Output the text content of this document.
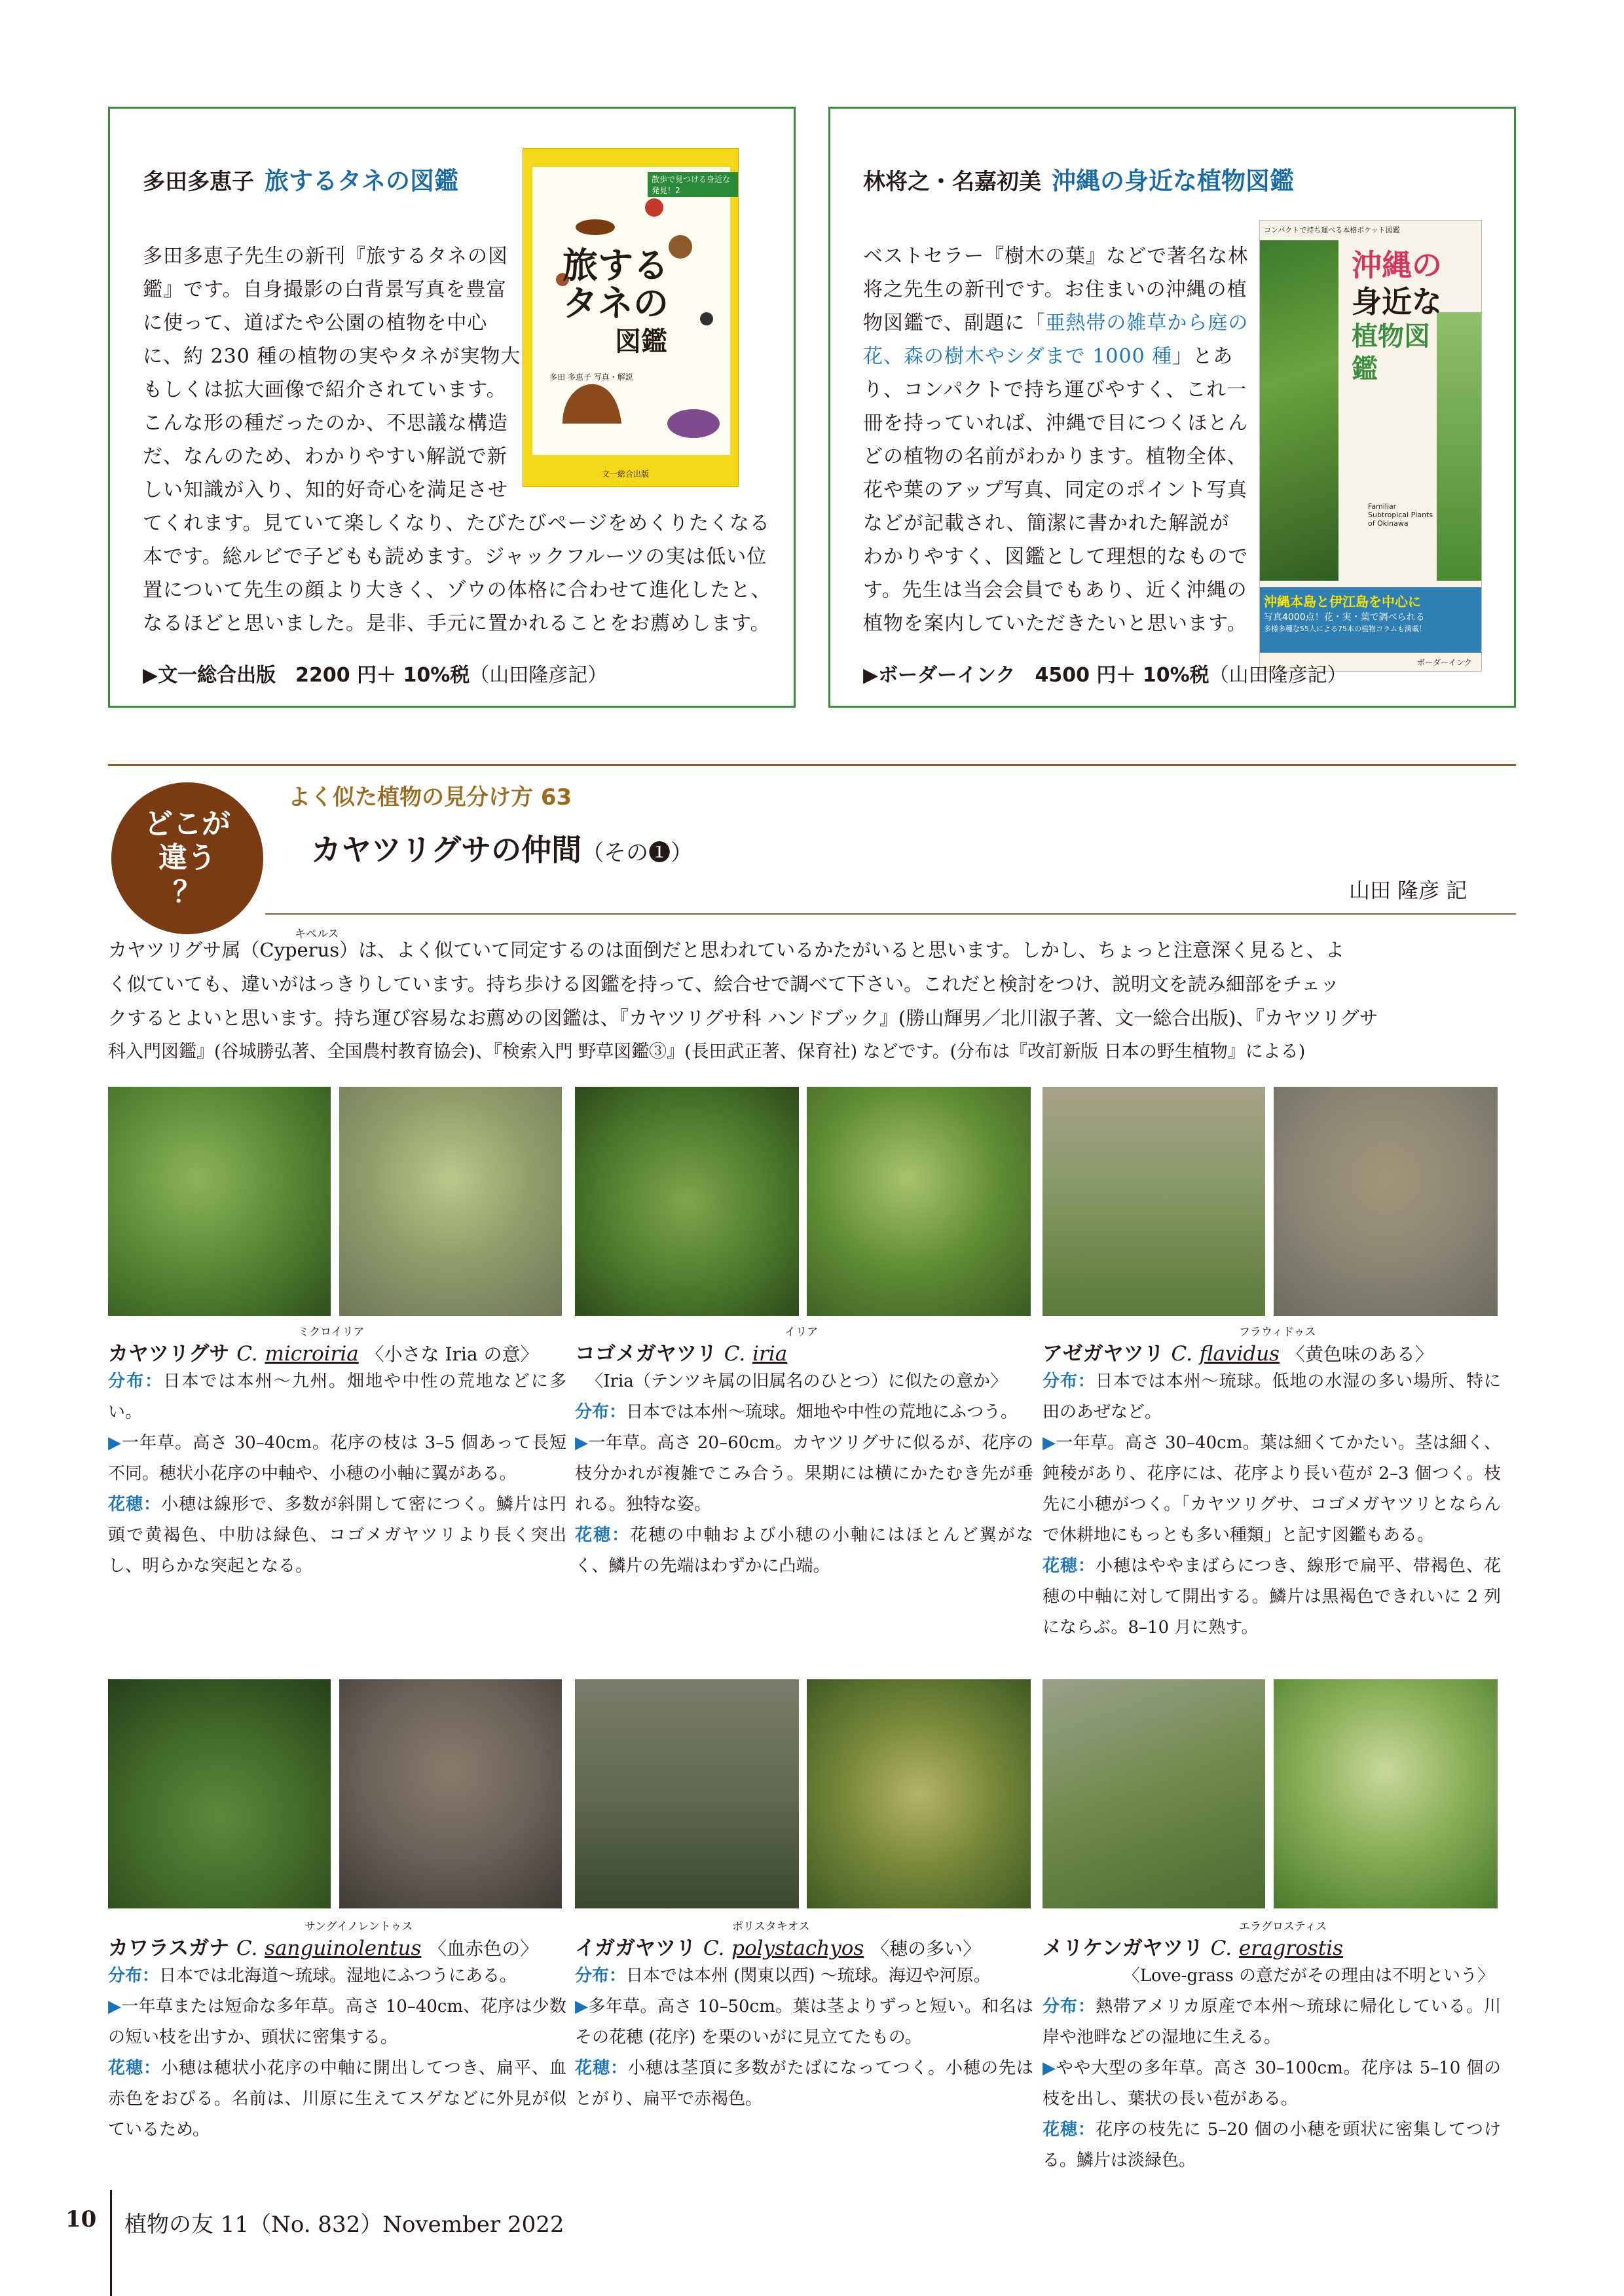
多田多恵子 旅するタネの図鑑	散歩で見つける身近な発見！2
旅する
タネの
図鑑
多田 多恵子 写真・解説
文一総合出版
多田多恵子先生の新刊『旅するタネの図鑑』です。自身撮影の白背景写真を豊富に使って、道ばたや公園の植物を中心に、約 230 種の植物の実やタネが実物大もしくは拡大画像で紹介されています。こんな形の種だったのか、不思議な構造だ、なんのため、わかりやすい解説で新しい知識が入り、知的好奇心を満足させてくれます。見ていて楽しくなり、たびたびページをめくりたくなる本です。総ルビで子どもも読めます。ジャックフルーツの実は低い位置について先生の顔より大きく、ゾウの体格に合わせて進化したと、なるほどと思いました。是非、手元に置かれることをお薦めします。
▶文一総合出版　2200 円＋ 10%税（山田隆彦記）
林将之・名嘉初美 沖縄の身近な植物図鑑
コンパクトで持ち運べる本格ポケット図鑑
沖縄の
身近な
植物図鑑
Familiar Subtropical Plants of Okinawa
沖縄本島と伊江島を中心に
写真4000点！花・実・葉で調べられる
多様多種な55人による75本の植物コラムも満載！
ボーダーインク
ベストセラー『樹木の葉』などで著名な林将之先生の新刊です。お住まいの沖縄の植物図鑑で、副題に「亜熱帯の雑草から庭の花、森の樹木やシダまで 1000 種」とあり、コンパクトで持ち運びやすく、これ一冊を持っていれば、沖縄で目につくほとんどの植物の名前がわかります。植物全体、花や葉のアップ写真、同定のポイント写真などが記載され、簡潔に書かれた解説がわかりやすく、図鑑として理想的なものです。先生は当会会員でもあり、近く沖縄の植物を案内していただきたいと思います。
▶ボーダーインク　4500 円＋ 10%税（山田隆彦記）
どこが
違う
？
よく似た植物の見分け方 63
カヤツリグサの仲間（その❶）
山田 隆彦 記
キペルス
カヤツリグサ属（Cyperus）は、よく似ていて同定するのは面倒だと思われているかたがいると思います。しかし、ちょっと注意深く見ると、よ
く似ていても、違いがはっきりしています。持ち歩ける図鑑を持って、絵合せで調べて下さい。これだと検討をつけ、説明文を読み細部をチェッ
クするとよいと思います。持ち運び容易なお薦めの図鑑は、『カヤツリグサ科 ハンドブック』(勝山輝男／北川淑子著、文一総合出版)、『カヤツリグサ
科入門図鑑』(谷城勝弘著、全国農村教育協会)、『検索入門 野草図鑑③』(長田武正著、保育社) などです。(分布は『改訂新版 日本の野生植物』による)
ミクロイリア
カヤツリグサ C. microiria 〈小さな Iria の意〉
分布：日本では本州〜九州。畑地や中性の荒地などに多い。
▶一年草。高さ 30–40cm。花序の枝は 3–5 個あって長短不同。穂状小花序の中軸や、小穂の小軸に翼がある。
花穂：小穂は線形で、多数が斜開して密につく。鱗片は円頭で黄褐色、中肋は緑色、コゴメガヤツリより長く突出し、明らかな突起となる。
イリア
コゴメガヤツリ C. iria
〈Iria（テンツキ属の旧属名のひとつ）に似たの意か〉
分布：日本では本州〜琉球。畑地や中性の荒地にふつう。
▶一年草。高さ 20–60cm。カヤツリグサに似るが、花序の枝分かれが複雑でこみ合う。果期には横にかたむき先が垂れる。独特な姿。
花穂：花穂の中軸および小穂の小軸にはほとんど翼がなく、鱗片の先端はわずかに凸端。
フラウィドゥス
アゼガヤツリ C. flavidus 〈黄色味のある〉
分布：日本では本州〜琉球。低地の水湿の多い場所、特に田のあぜなど。
▶一年草。高さ 30–40cm。葉は細くてかたい。茎は細く、鈍稜があり、花序には、花序より長い苞が 2–3 個つく。枝先に小穂がつく。「カヤツリグサ、コゴメガヤツリとならんで休耕地にもっとも多い種類」と記す図鑑もある。
花穂：小穂はややまばらにつき、線形で扁平、帯褐色、花穂の中軸に対して開出する。鱗片は黒褐色できれいに 2 列にならぶ。8–10 月に熟す。
サングイノレントゥス
カワラスガナ C. sanguinolentus 〈血赤色の〉
分布：日本では北海道〜琉球。湿地にふつうにある。
▶一年草または短命な多年草。高さ 10–40cm、花序は少数の短い枝を出すか、頭状に密集する。
花穂：小穂は穂状小花序の中軸に開出してつき、扁平、血赤色をおびる。名前は、川原に生えてスゲなどに外見が似ているため。
ポリスタキオス
イガガヤツリ C. polystachyos 〈穂の多い〉
分布：日本では本州 (関東以西) 〜琉球。海辺や河原。
▶多年草。高さ 10–50cm。葉は茎よりずっと短い。和名はその花穂 (花序) を栗のいがに見立てたもの。
花穂：小穂は茎頂に多数がたばになってつく。小穂の先はとがり、扁平で赤褐色。
エラグロスティス
メリケンガヤツリ C. eragrostis
〈Love-grass の意だがその理由は不明という〉
分布：熱帯アメリカ原産で本州〜琉球に帰化している。川岸や池畔などの湿地に生える。
▶やや大型の多年草。高さ 30–100cm。花序は 5–10 個の枝を出し、葉状の長い苞がある。
花穂：花序の枝先に 5–20 個の小穂を頭状に密集してつける。鱗片は淡緑色。
10 植物の友 11（No. 832）November 2022
